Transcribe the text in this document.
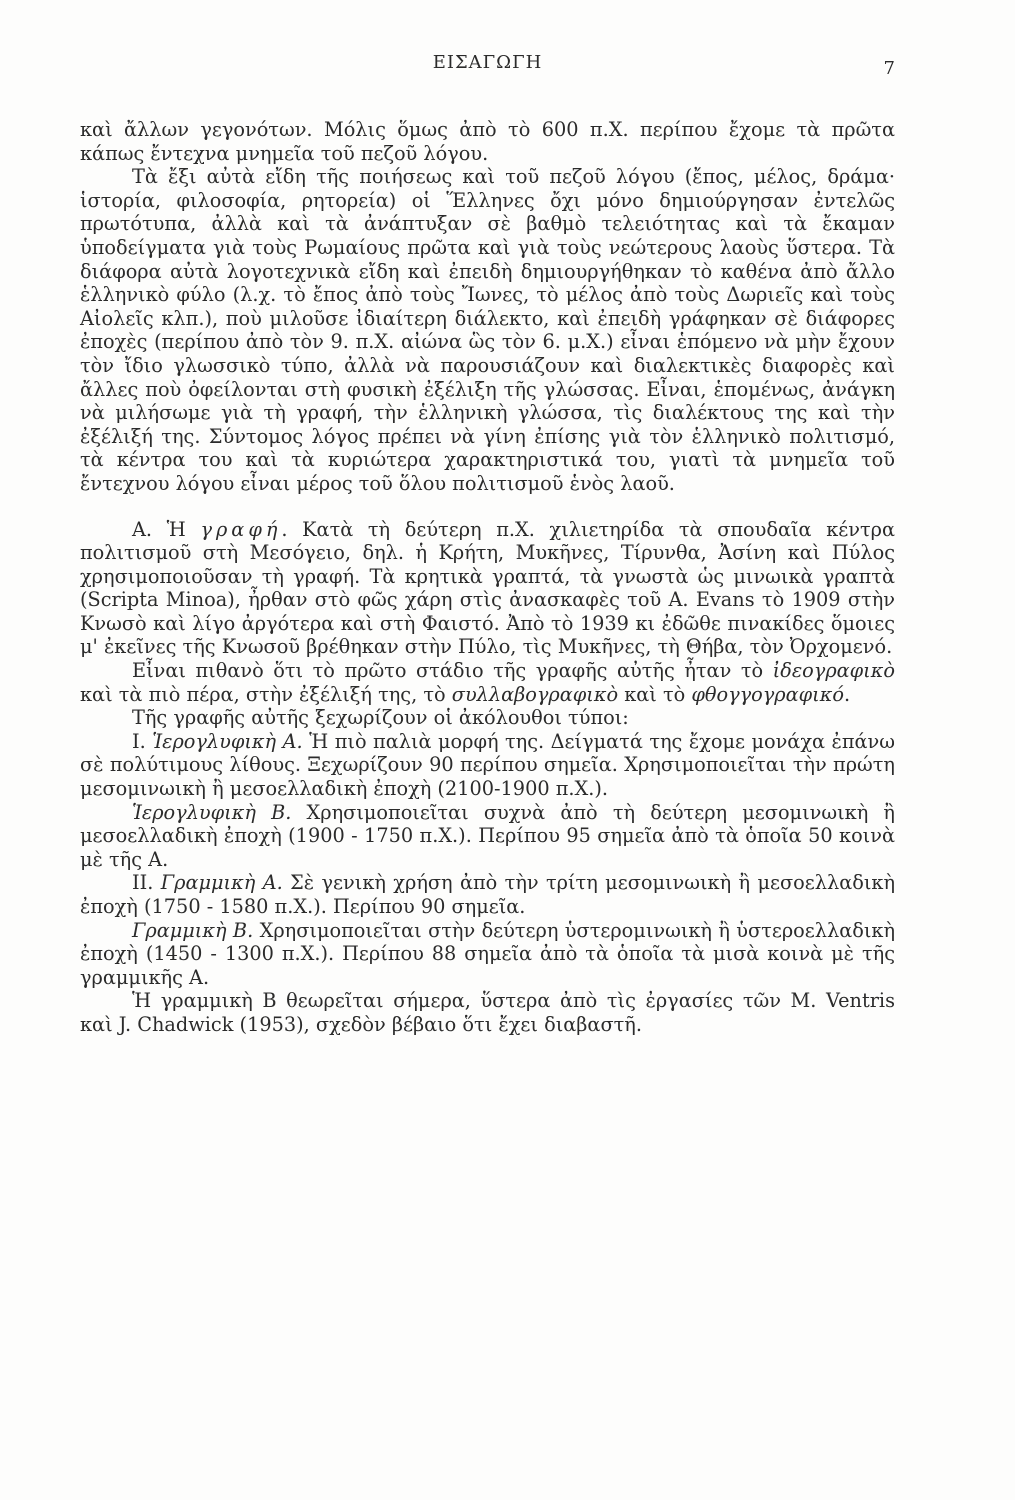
ΕΙΣΑΓΩΓΗ	7

καὶ ἄλλων γεγονότων. Μόλις ὅμως ἀπὸ τὸ 600 π.Χ. περίπου ἔχομε τὰ πρῶτα κάπως ἔντεχνα μνημεῖα τοῦ πεζοῦ λόγου.

Τὰ ἔξι αὐτὰ εἴδη τῆς ποιήσεως καὶ τοῦ πεζοῦ λόγου (ἔπος, μέλος, δράμα· ἱστορία, φιλοσοφία, ρητορεία) οἱ Ἕλληνες ὄχι μόνο δημιούργησαν ἐντελῶς πρωτότυπα, ἀλλὰ καὶ τὰ ἀνάπτυξαν σὲ βαθμὸ τελειότητας καὶ τὰ ἔκαμαν ὑποδείγματα γιὰ τοὺς Ρωμαίους πρῶτα καὶ γιὰ τοὺς νεώτερους λαοὺς ὕστερα. Τὰ διάφορα αὐτὰ λογοτεχνικὰ εἴδη καὶ ἐπειδὴ δημιουργήθηκαν τὸ καθένα ἀπὸ ἄλλο ἑλληνικὸ φύλο (λ.χ. τὸ ἔπος ἀπὸ τοὺς Ἴωνες, τὸ μέλος ἀπὸ τοὺς Δωριεῖς καὶ τοὺς Αἰολεῖς κλπ.), ποὺ μιλοῦσε ἰδιαίτερη διάλεκτο, καὶ ἐπειδὴ γράφηκαν σὲ διάφορες ἐποχὲς (περίπου ἀπὸ τὸν 9. π.Χ. αἰώνα ὣς τὸν 6. μ.Χ.) εἶναι ἑπόμενο νὰ μὴν ἔχουν τὸν ἴδιο γλωσσικὸ τύπο, ἀλλὰ νὰ παρουσιάζουν καὶ διαλεκτικὲς διαφορὲς καὶ ἄλλες ποὺ ὀφείλονται στὴ φυσικὴ ἐξέλιξη τῆς γλώσσας. Εἶναι, ἑπομένως, ἀνάγκη νὰ μιλήσωμε γιὰ τὴ γραφή, τὴν ἑλληνικὴ γλώσσα, τὶς διαλέκτους της καὶ τὴν ἐξέλιξή της. Σύντομος λόγος πρέπει νὰ γίνη ἐπίσης γιὰ τὸν ἑλληνικὸ πολιτισμό, τὰ κέντρα του καὶ τὰ κυριώτερα χαρακτηριστικά του, γιατὶ τὰ μνημεῖα τοῦ ἔντεχνου λόγου εἶναι μέρος τοῦ ὅλου πολιτισμοῦ ἑνὸς λαοῦ.

Α. Ἡ γραφή. Κατὰ τὴ δεύτερη π.Χ. χιλιετηρίδα τὰ σπουδαῖα κέντρα πολιτισμοῦ στὴ Μεσόγειο, δηλ. ἡ Κρήτη, Μυκῆνες, Τίρυνθα, Ἀσίνη καὶ Πύλος χρησιμοποιοῦσαν τὴ γραφή. Τὰ κρητικὰ γραπτά, τὰ γνωστὰ ὡς μινωικὰ γραπτὰ (Scripta Minoa), ἦρθαν στὸ φῶς χάρη στὶς ἀνασκαφὲς τοῦ A. Evans τὸ 1909 στὴν Κνωσὸ καὶ λίγο ἀργότερα καὶ στὴ Φαιστό. Ἀπὸ τὸ 1939 κι ἐδῶθε πινακίδες ὅμοιες μ' ἐκεῖνες τῆς Κνωσοῦ βρέθηκαν στὴν Πύλο, τὶς Μυκῆνες, τὴ Θήβα, τὸν Ὀρχομενό.

Εἶναι πιθανὸ ὅτι τὸ πρῶτο στάδιο τῆς γραφῆς αὐτῆς ἦταν τὸ ἰδεογραφικὸ καὶ τὰ πιὸ πέρα, στὴν ἐξέλιξή της, τὸ συλλαβογραφικὸ καὶ τὸ φθογγογραφικό.

Τῆς γραφῆς αὐτῆς ξεχωρίζουν οἱ ἀκόλουθοι τύποι:

Ι. Ἱερογλυφικὴ Α. Ἡ πιὸ παλιὰ μορφή της. Δείγματά της ἔχομε μονάχα ἐπάνω σὲ πολύτιμους λίθους. Ξεχωρίζουν 90 περίπου σημεῖα. Χρησιμοποιεῖται τὴν πρώτη μεσομινωικὴ ἢ μεσοελλαδικὴ ἐποχὴ (2100-1900 π.Χ.).

Ἱερογλυφικὴ Β. Χρησιμοποιεῖται συχνὰ ἀπὸ τὴ δεύτερη μεσομινωικὴ ἢ μεσοελλαδικὴ ἐποχὴ (1900 - 1750 π.Χ.). Περίπου 95 σημεῖα ἀπὸ τὰ ὁποῖα 50 κοινὰ μὲ τῆς Α.

ΙΙ. Γραμμικὴ Α. Σὲ γενικὴ χρήση ἀπὸ τὴν τρίτη μεσομινωικὴ ἢ μεσοελλαδικὴ ἐποχὴ (1750 - 1580 π.Χ.). Περίπου 90 σημεῖα.

Γραμμικὴ Β. Χρησιμοποιεῖται στὴν δεύτερη ὑστερομινωικὴ ἢ ὑστεροελλαδικὴ ἐποχὴ (1450 - 1300 π.Χ.). Περίπου 88 σημεῖα ἀπὸ τὰ ὁποῖα τὰ μισὰ κοινὰ μὲ τῆς γραμμικῆς Α.

Ἡ γραμμικὴ Β θεωρεῖται σήμερα, ὕστερα ἀπὸ τὶς ἐργασίες τῶν M. Ventris καὶ J. Chadwick (1953), σχεδὸν βέβαιο ὅτι ἔχει διαβαστῆ.
